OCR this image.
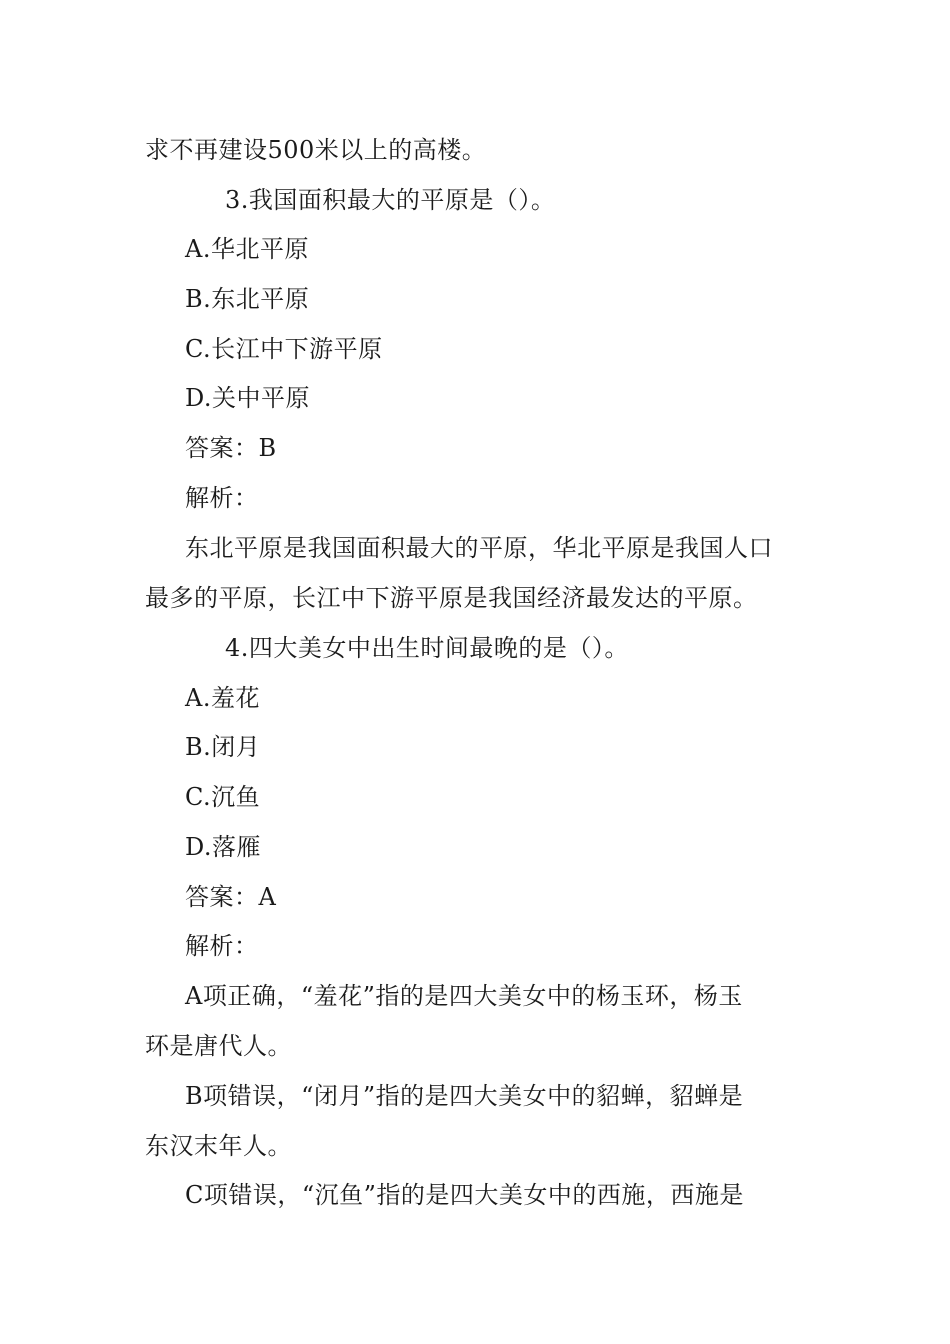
求不再建设500米以上的高楼。
3.我国面积最大的平原是（）。
A.华北平原
B.东北平原
C.长江中下游平原
D.关中平原
答案：B
解析：
东北平原是我国面积最大的平原，华北平原是我国人口
最多的平原，长江中下游平原是我国经济最发达的平原。
4.四大美女中出生时间最晚的是（）。
A.羞花
B.闭月
C.沉鱼
D.落雁
答案：A
解析：
A项正确，“羞花”指的是四大美女中的杨玉环，杨玉
环是唐代人。
B项错误，“闭月”指的是四大美女中的貂蝉，貂蝉是
东汉末年人。
C项错误，“沉鱼”指的是四大美女中的西施，西施是
